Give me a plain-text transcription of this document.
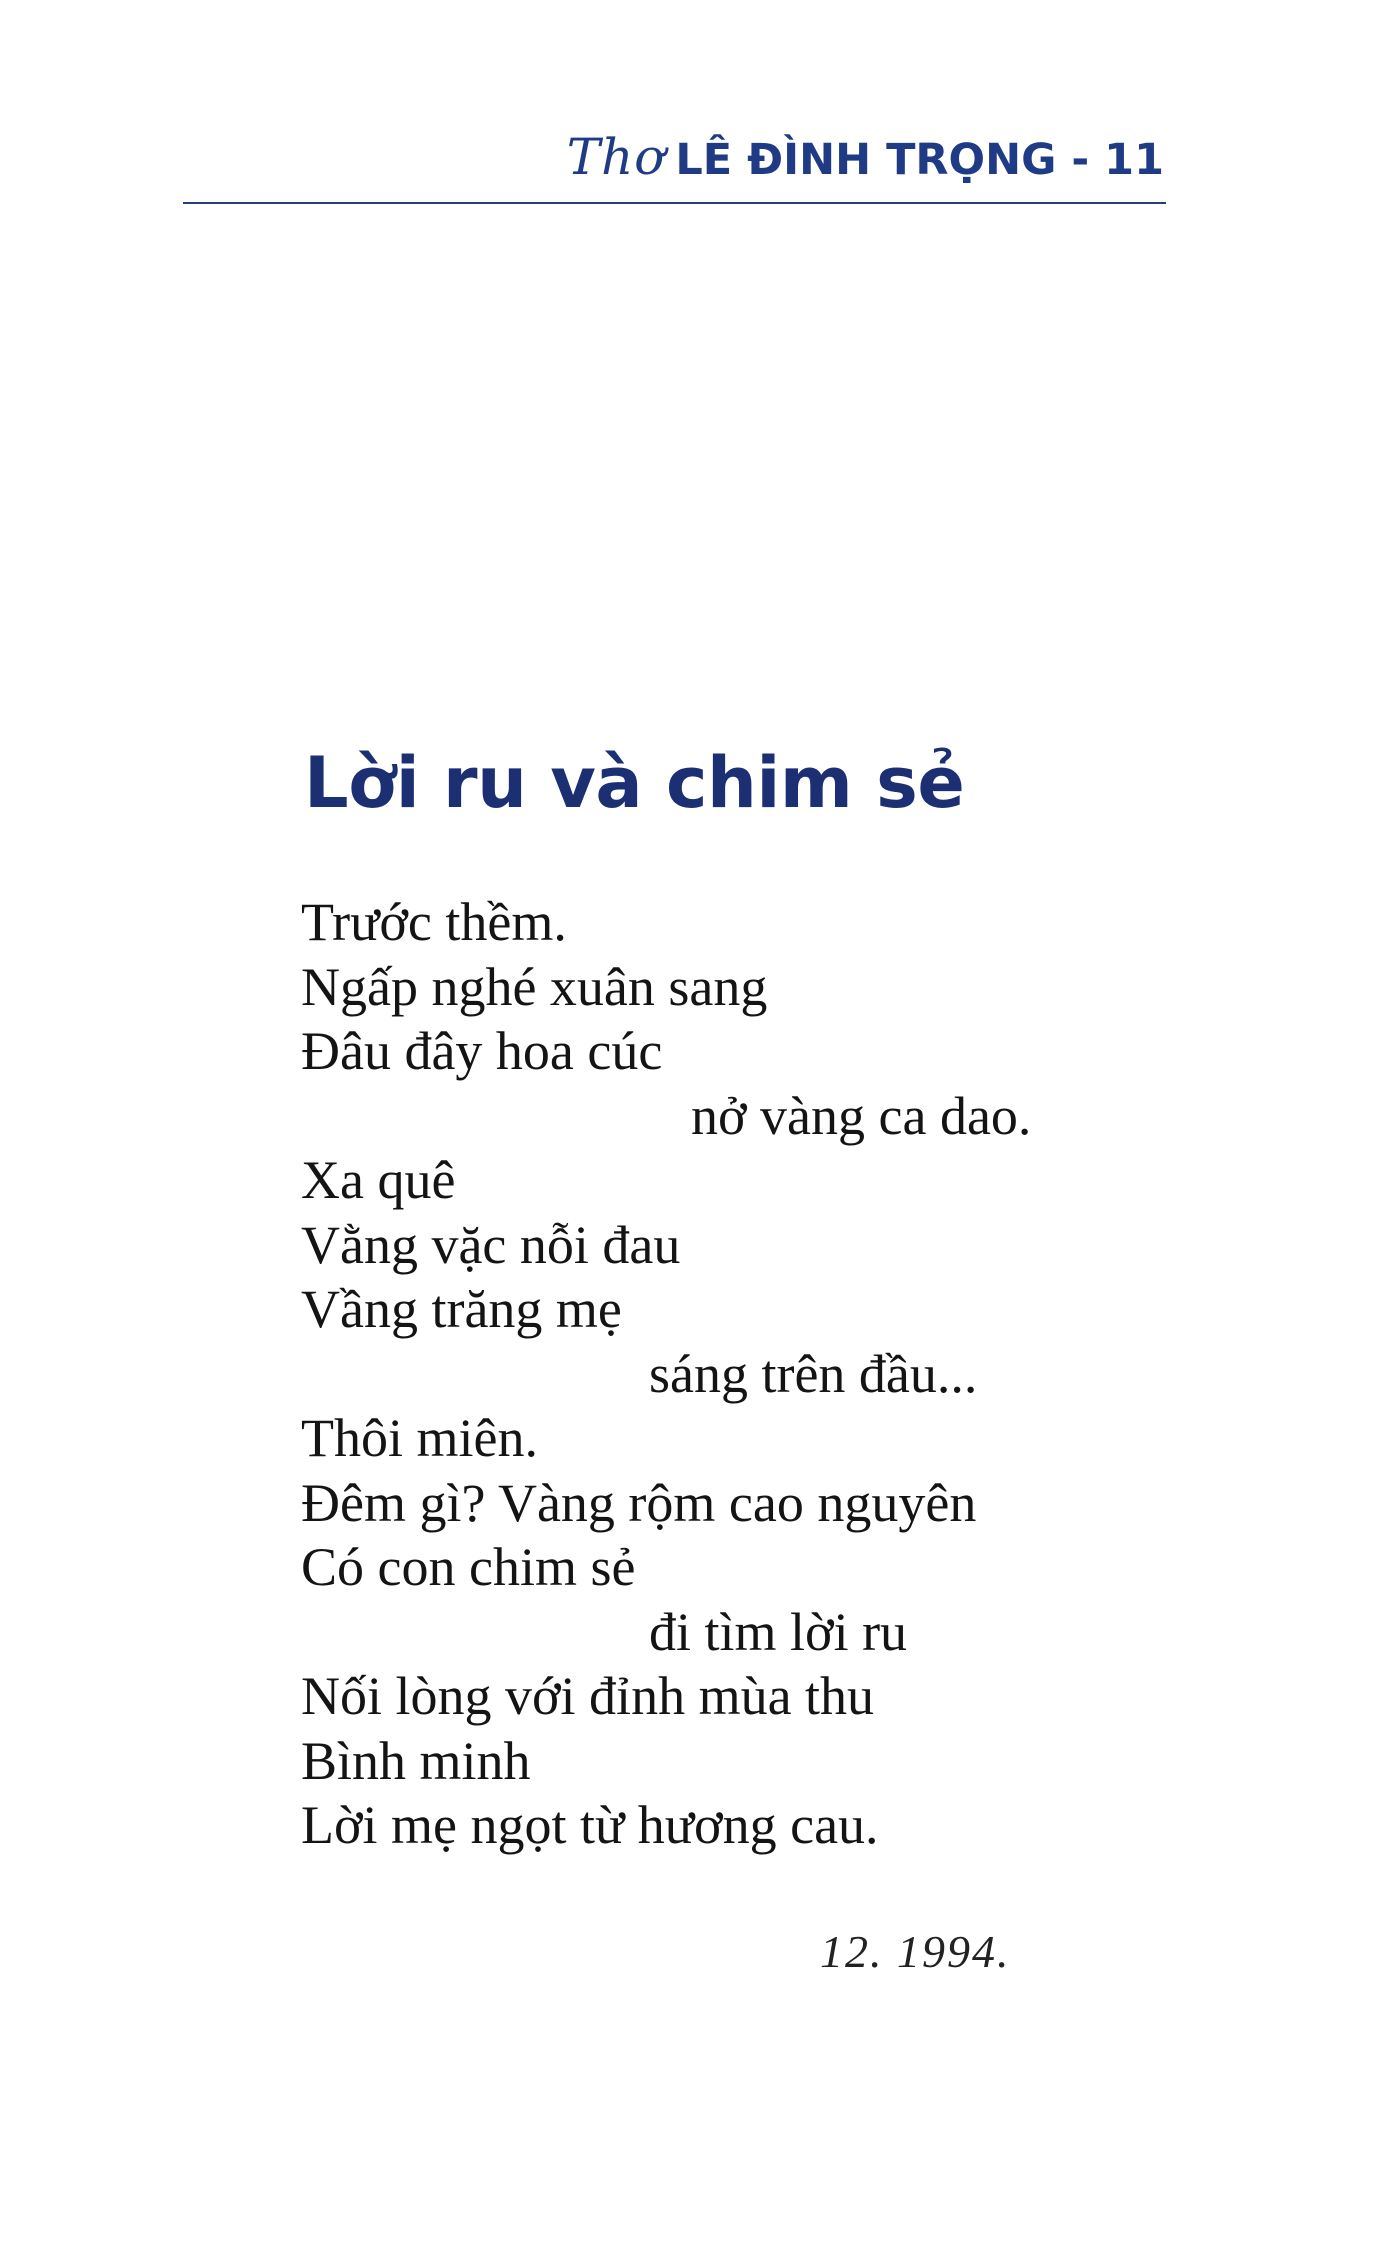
Thơ LÊ ĐÌNH TRỌNG - 11
Lời ru và chim sẻ
Trước thềm.
Ngấp nghé xuân sang
Đâu đây hoa cúc
nở vàng ca dao.
Xa quê
Vằng vặc nỗi đau
Vầng trăng mẹ
sáng trên đầu...
Thôi miên.
Đêm gì? Vàng rộm cao nguyên
Có con chim sẻ
đi tìm lời ru
Nối lòng với đỉnh mùa thu
Bình minh
Lời mẹ ngọt từ hương cau.
12. 1994.
